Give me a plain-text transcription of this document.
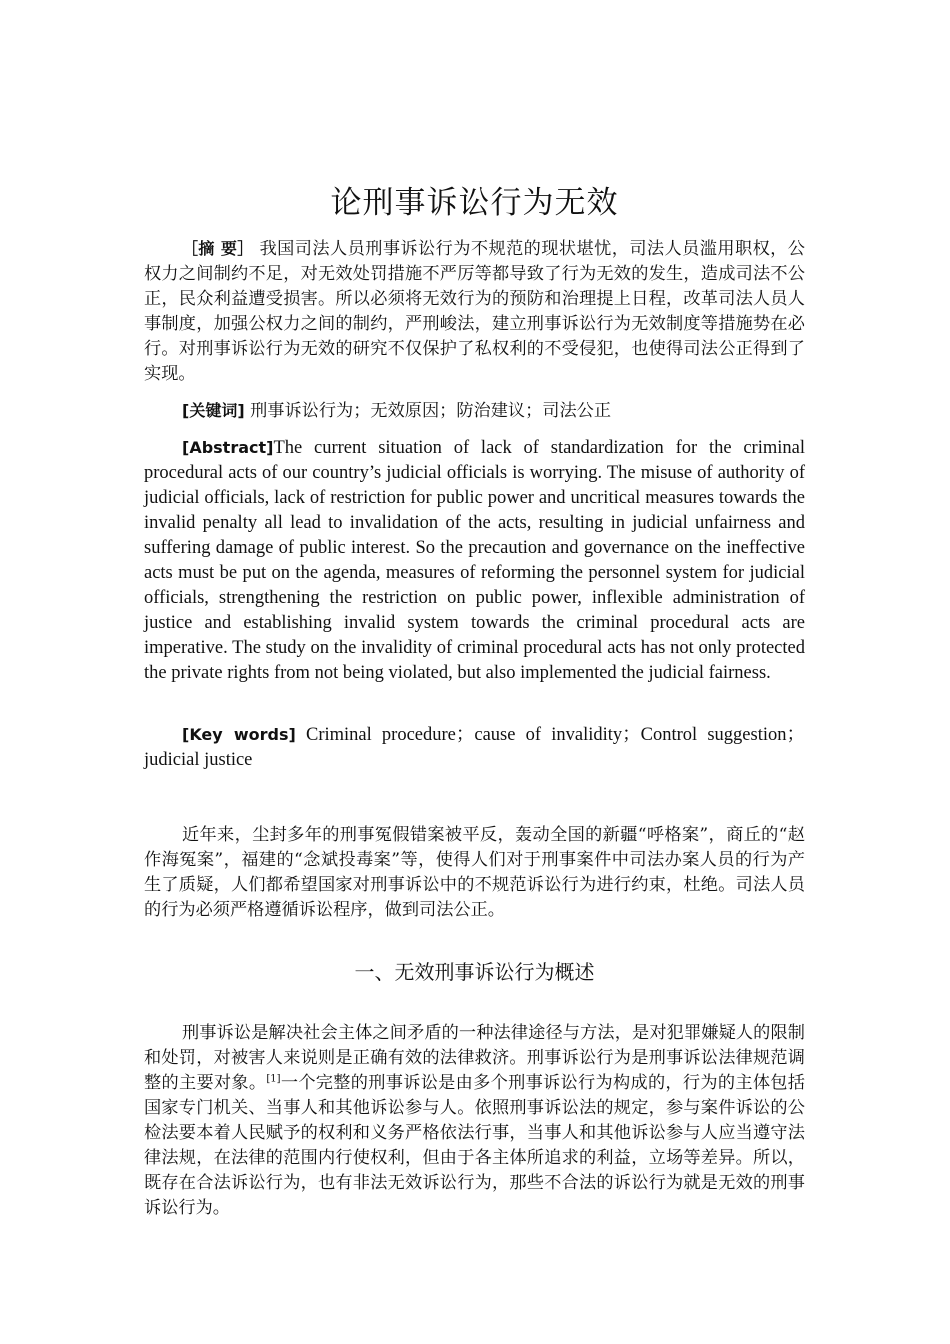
论刑事诉讼行为无效

［摘 要］ 我国司法人员刑事诉讼行为不规范的现状堪忧，司法人员滥用职权，公权力之间制约不足，对无效处罚措施不严厉等都导致了行为无效的发生，造成司法不公正，民众利益遭受损害。所以必须将无效行为的预防和治理提上日程，改革司法人员人事制度，加强公权力之间的制约，严刑峻法，建立刑事诉讼行为无效制度等措施势在必行。对刑事诉讼行为无效的研究不仅保护了私权利的不受侵犯，也使得司法公正得到了实现。

[关键词] 刑事诉讼行为；无效原因；防治建议；司法公正

[Abstract]The current situation of lack of standardization for the criminal procedural acts of our country’s judicial officials is worrying. The misuse of authority of judicial officials, lack of restriction for public power and uncritical measures towards the invalid penalty all lead to invalidation of the acts, resulting in judicial unfairness and suffering damage of public interest. So the precaution and governance on the ineffective acts must be put on the agenda, measures of reforming the personnel system for judicial officials, strengthening the restriction on public power, inflexible administration of justice and establishing invalid system towards the criminal procedural acts are imperative. The study on the invalidity of criminal procedural acts has not only protected the private rights from not being violated, but also implemented the judicial fairness.

[Key words] Criminal procedure；cause of invalidity；Control suggestion；judicial justice

近年来，尘封多年的刑事冤假错案被平反，轰动全国的新疆“呼格案”，商丘的“赵作海冤案”，福建的“念斌投毒案”等，使得人们对于刑事案件中司法办案人员的行为产生了质疑，人们都希望国家对刑事诉讼中的不规范诉讼行为进行约束，杜绝。司法人员的行为必须严格遵循诉讼程序，做到司法公正。

一、无效刑事诉讼行为概述

刑事诉讼是解决社会主体之间矛盾的一种法律途径与方法，是对犯罪嫌疑人的限制和处罚，对被害人来说则是正确有效的法律救济。刑事诉讼行为是刑事诉讼法律规范调整的主要对象。[1]一个完整的刑事诉讼是由多个刑事诉讼行为构成的，行为的主体包括国家专门机关、当事人和其他诉讼参与人。依照刑事诉讼法的规定，参与案件诉讼的公检法要本着人民赋予的权利和义务严格依法行事，当事人和其他诉讼参与人应当遵守法律法规，在法律的范围内行使权利，但由于各主体所追求的利益，立场等差异。所以，既存在合法诉讼行为，也有非法无效诉讼行为，那些不合法的诉讼行为就是无效的刑事诉讼行为。
